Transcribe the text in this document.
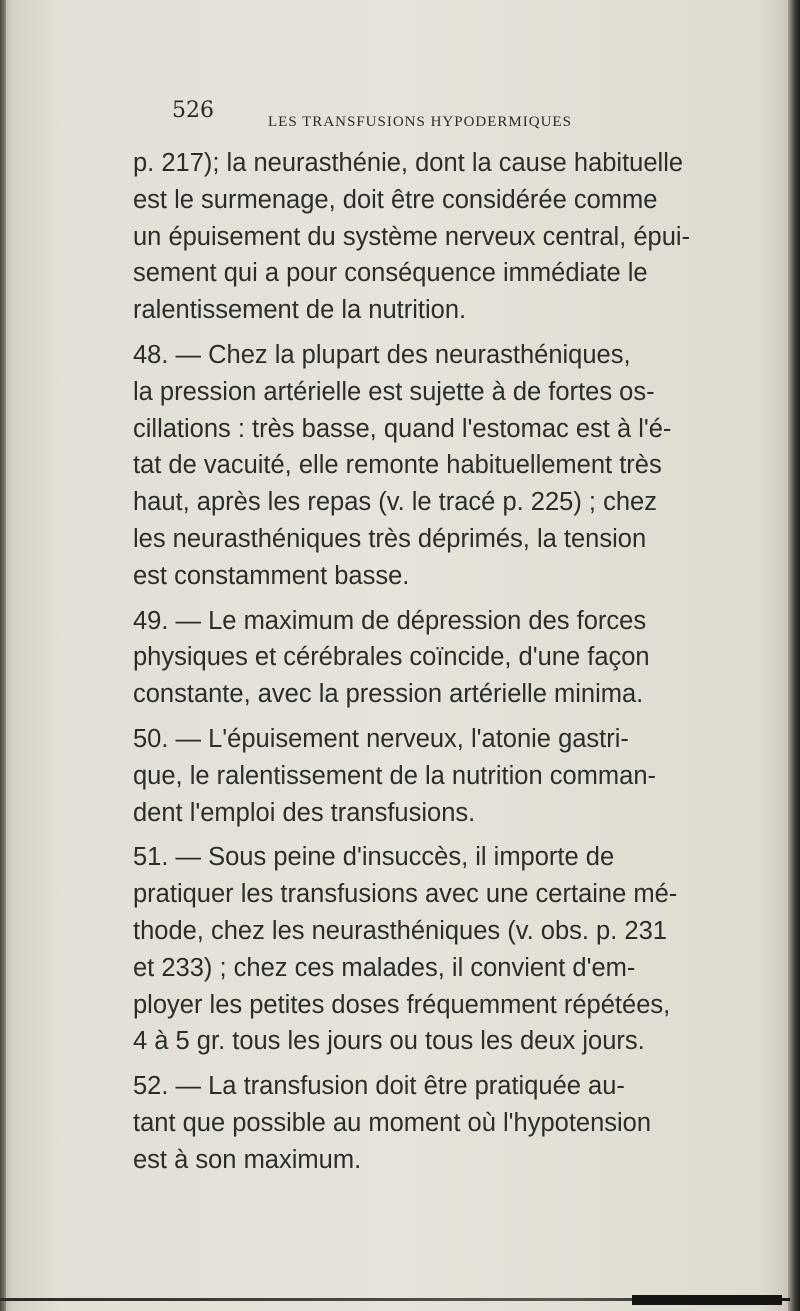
526	LES TRANSFUSIONS HYPODERMIQUES

p. 217); la neurasthénie, dont la cause habituelle
est le surmenage, doit être considérée comme
un épuisement du système nerveux central, épui-
sement qui a pour conséquence immédiate le
ralentissement de la nutrition.

48. — Chez la plupart des neurasthéniques,
la pression artérielle est sujette à de fortes os-
cillations : très basse, quand l'estomac est à l'é-
tat de vacuité, elle remonte habituellement très
haut, après les repas (v. le tracé p. 225) ; chez
les neurasthéniques très déprimés, la tension
est constamment basse.

49. — Le maximum de dépression des forces
physiques et cérébrales coïncide, d'une façon
constante, avec la pression artérielle minima.

50. — L'épuisement nerveux, l'atonie gastri-
que, le ralentissement de la nutrition comman-
dent l'emploi des transfusions.

51. — Sous peine d'insuccès, il importe de
pratiquer les transfusions avec une certaine mé-
thode, chez les neurasthéniques (v. obs. p. 231
et 233) ; chez ces malades, il convient d'em-
ployer les petites doses fréquemment répétées,
4 à 5 gr. tous les jours ou tous les deux jours.

52. — La transfusion doit être pratiquée au-
tant que possible au moment où l'hypotension
est à son maximum.
